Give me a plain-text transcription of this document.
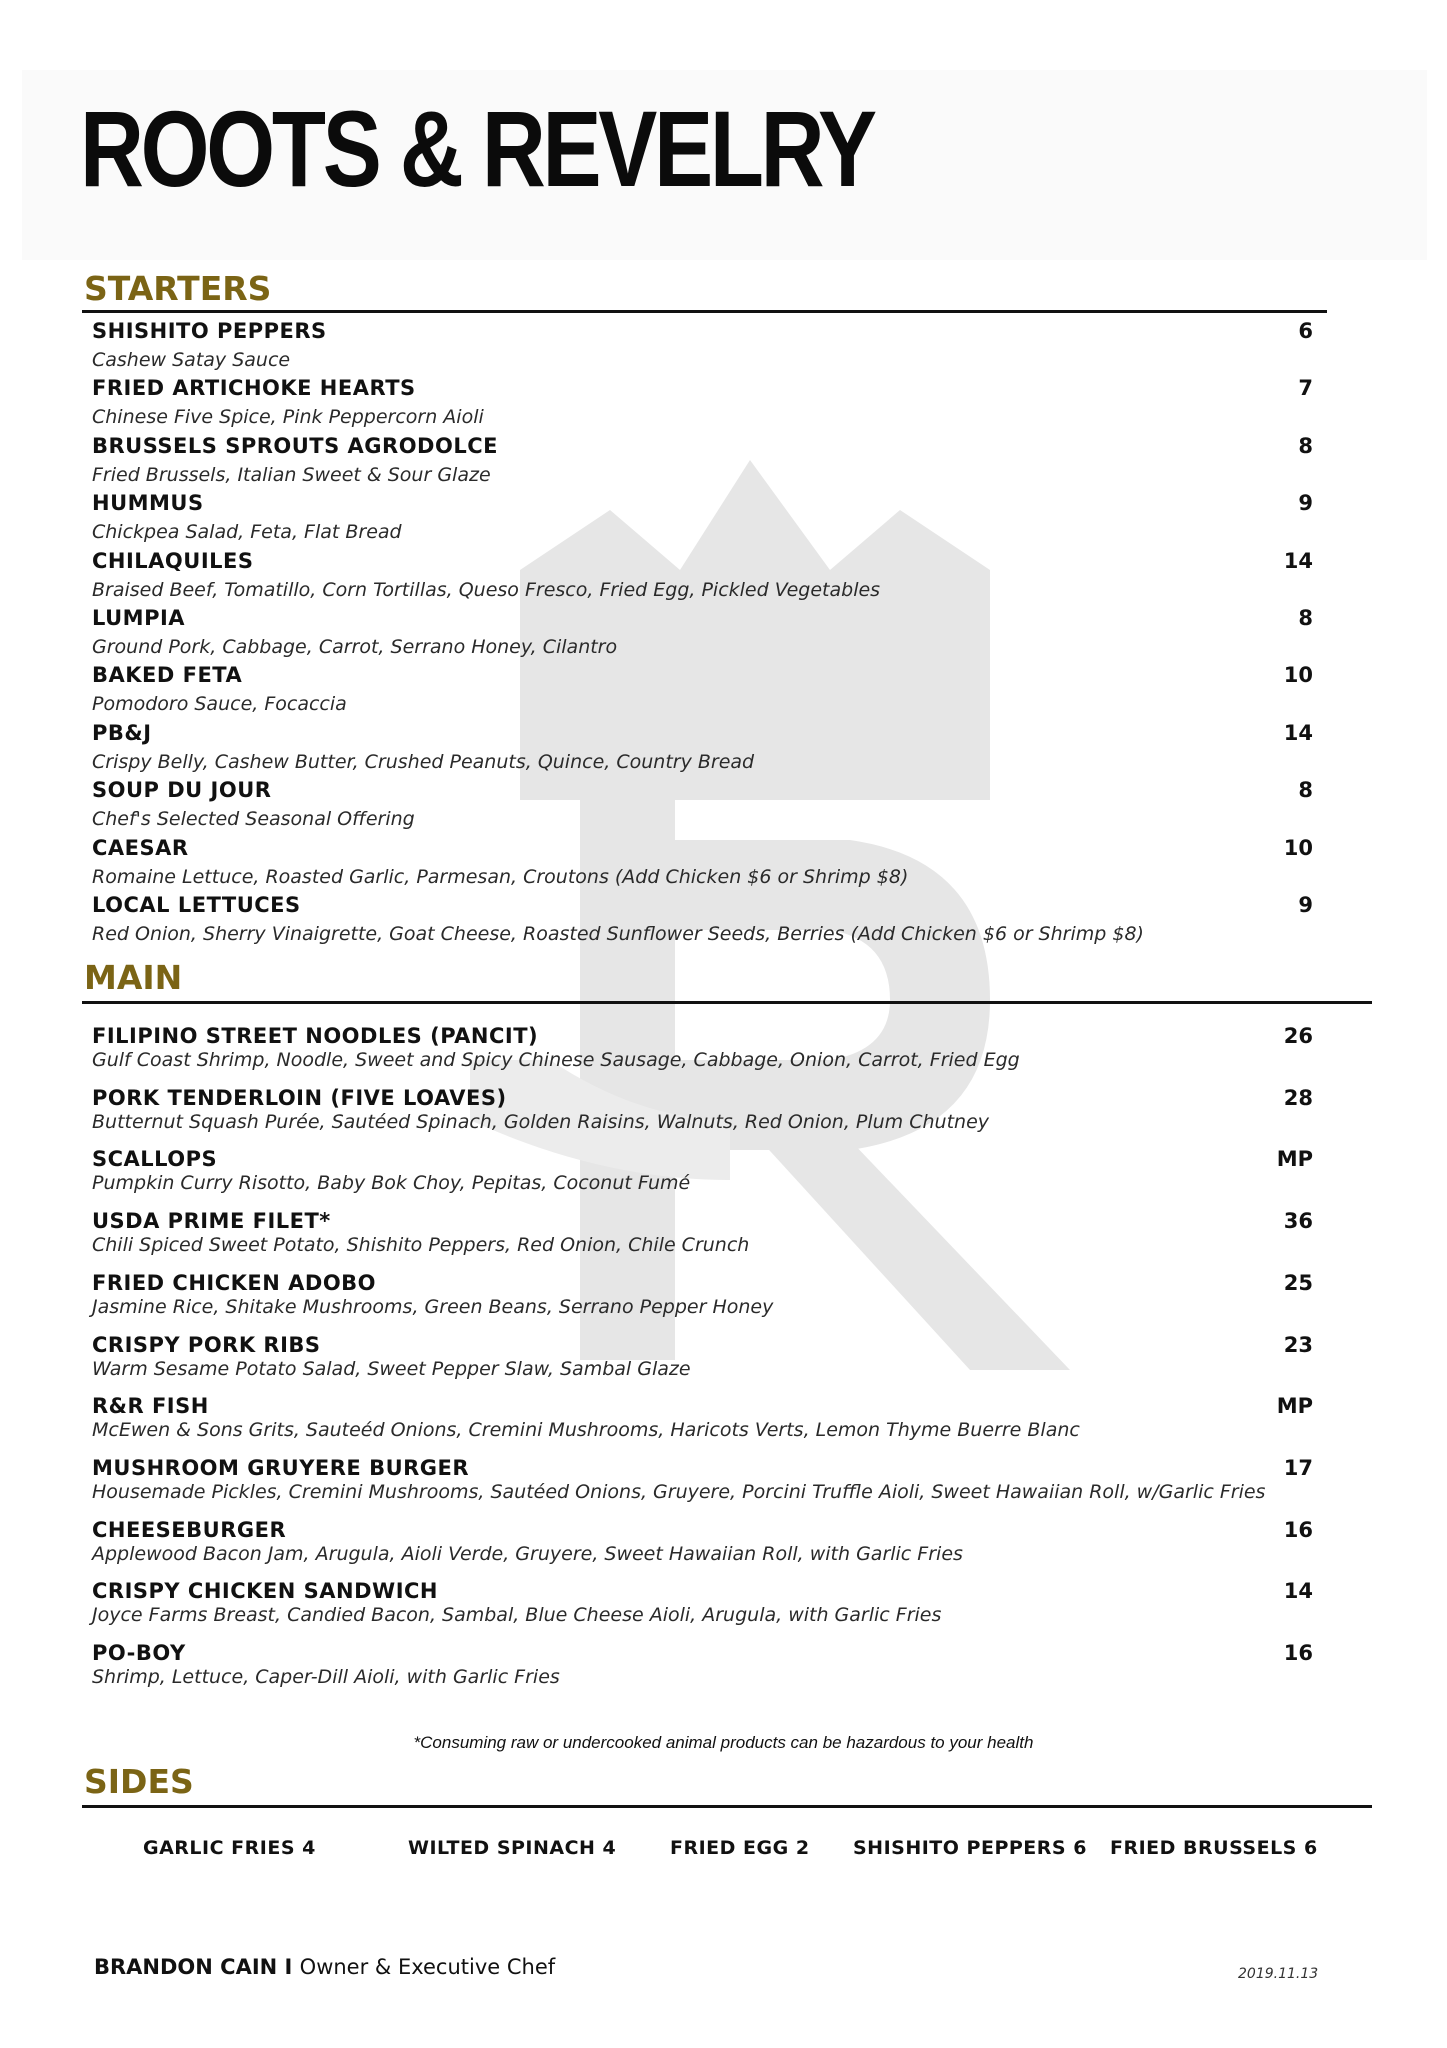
ROOTS & REVELRY
STARTERS
SHISHITO PEPPERS
Cashew Satay Sauce
6
FRIED ARTICHOKE HEARTS
Chinese Five Spice, Pink Peppercorn Aioli
7
BRUSSELS SPROUTS AGRODOLCE
Fried Brussels, Italian Sweet & Sour Glaze
8
HUMMUS
Chickpea Salad, Feta, Flat Bread
9
CHILAQUILES
Braised Beef, Tomatillo, Corn Tortillas, Queso Fresco, Fried Egg, Pickled Vegetables
14
LUMPIA
Ground Pork, Cabbage, Carrot, Serrano Honey, Cilantro
8
BAKED FETA
Pomodoro Sauce, Focaccia
10
PB&J
Crispy Belly, Cashew Butter, Crushed Peanuts, Quince, Country Bread
14
SOUP DU JOUR
Chef's Selected Seasonal Offering
8
CAESAR
Romaine Lettuce, Roasted Garlic, Parmesan, Croutons (Add Chicken $6 or Shrimp $8)
10
LOCAL LETTUCES
Red Onion, Sherry Vinaigrette, Goat Cheese, Roasted Sunflower Seeds, Berries (Add Chicken $6 or Shrimp $8)
9
MAIN
FILIPINO STREET NOODLES (PANCIT)
Gulf Coast Shrimp, Noodle, Sweet and Spicy Chinese Sausage, Cabbage, Onion, Carrot, Fried Egg
26
PORK TENDERLOIN (FIVE LOAVES)
Butternut Squash Purée, Sautéed Spinach, Golden Raisins, Walnuts, Red Onion, Plum Chutney
28
SCALLOPS
Pumpkin Curry Risotto, Baby Bok Choy, Pepitas, Coconut Fumé
MP
USDA PRIME FILET*
Chili Spiced Sweet Potato, Shishito Peppers, Red Onion, Chile Crunch
36
FRIED CHICKEN ADOBO
Jasmine Rice, Shitake Mushrooms, Green Beans, Serrano Pepper Honey
25
CRISPY PORK RIBS
Warm Sesame Potato Salad, Sweet Pepper Slaw, Sambal Glaze
23
R&R FISH
McEwen & Sons Grits, Sauteéd Onions, Cremini Mushrooms, Haricots Verts, Lemon Thyme Buerre Blanc
MP
MUSHROOM GRUYERE BURGER
Housemade Pickles, Cremini Mushrooms, Sautéed Onions, Gruyere, Porcini Truffle Aioli, Sweet Hawaiian Roll, w/Garlic Fries
17
CHEESEBURGER
Applewood Bacon Jam, Arugula, Aioli Verde, Gruyere, Sweet Hawaiian Roll, with Garlic Fries
16
CRISPY CHICKEN SANDWICH
Joyce Farms Breast, Candied Bacon, Sambal, Blue Cheese Aioli, Arugula, with Garlic Fries
14
PO-BOY
Shrimp, Lettuce, Caper-Dill Aioli, with Garlic Fries
16
*Consuming raw or undercooked animal products can be hazardous to your health
SIDES
GARLIC FRIES 4	WILTED SPINACH 4	FRIED EGG 2 SHISHITO PEPPERS 6 FRIED BRUSSELS 6
BRANDON CAIN I Owner & Executive Chef	2019.11.13
